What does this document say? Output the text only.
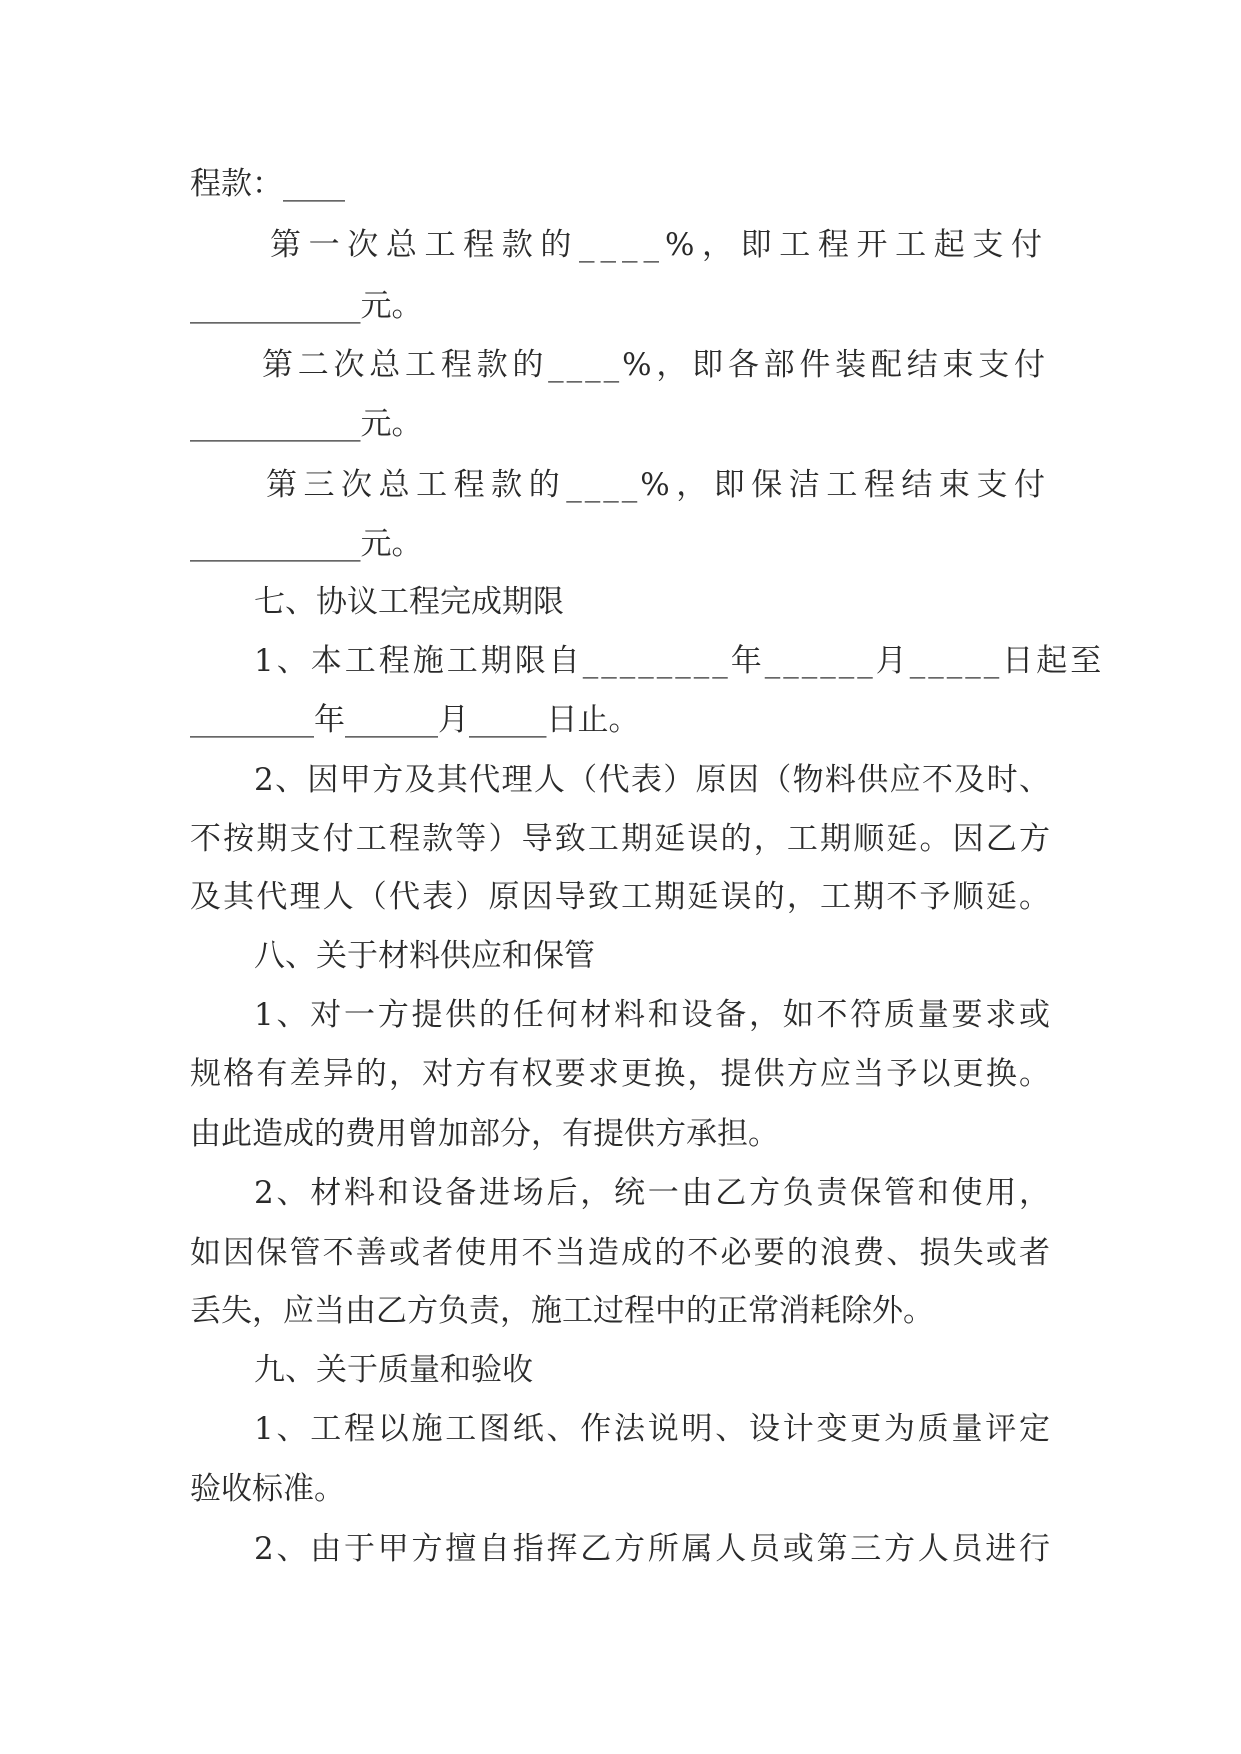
程款：____
第一次总工程款的____%，即工程开工起支付
___________元。
第二次总工程款的____%，即各部件装配结束支付
___________元。
第三次总工程款的____%，即保洁工程结束支付
___________元。
七、协议工程完成期限
1、本工程施工期限自________年______月_____日起至
________年______月_____日止。
2、因甲方及其代理人（代表）原因（物料供应不及时、
不按期支付工程款等）导致工期延误的，工期顺延。因乙方
及其代理人（代表）原因导致工期延误的，工期不予顺延。
八、关于材料供应和保管
1、对一方提供的任何材料和设备，如不符质量要求或
规格有差异的，对方有权要求更换，提供方应当予以更换。
由此造成的费用曾加部分，有提供方承担。
2、材料和设备进场后，统一由乙方负责保管和使用，
如因保管不善或者使用不当造成的不必要的浪费、损失或者
丢失，应当由乙方负责，施工过程中的正常消耗除外。
九、关于质量和验收
1、工程以施工图纸、作法说明、设计变更为质量评定
验收标准。
2、由于甲方擅自指挥乙方所属人员或第三方人员进行
